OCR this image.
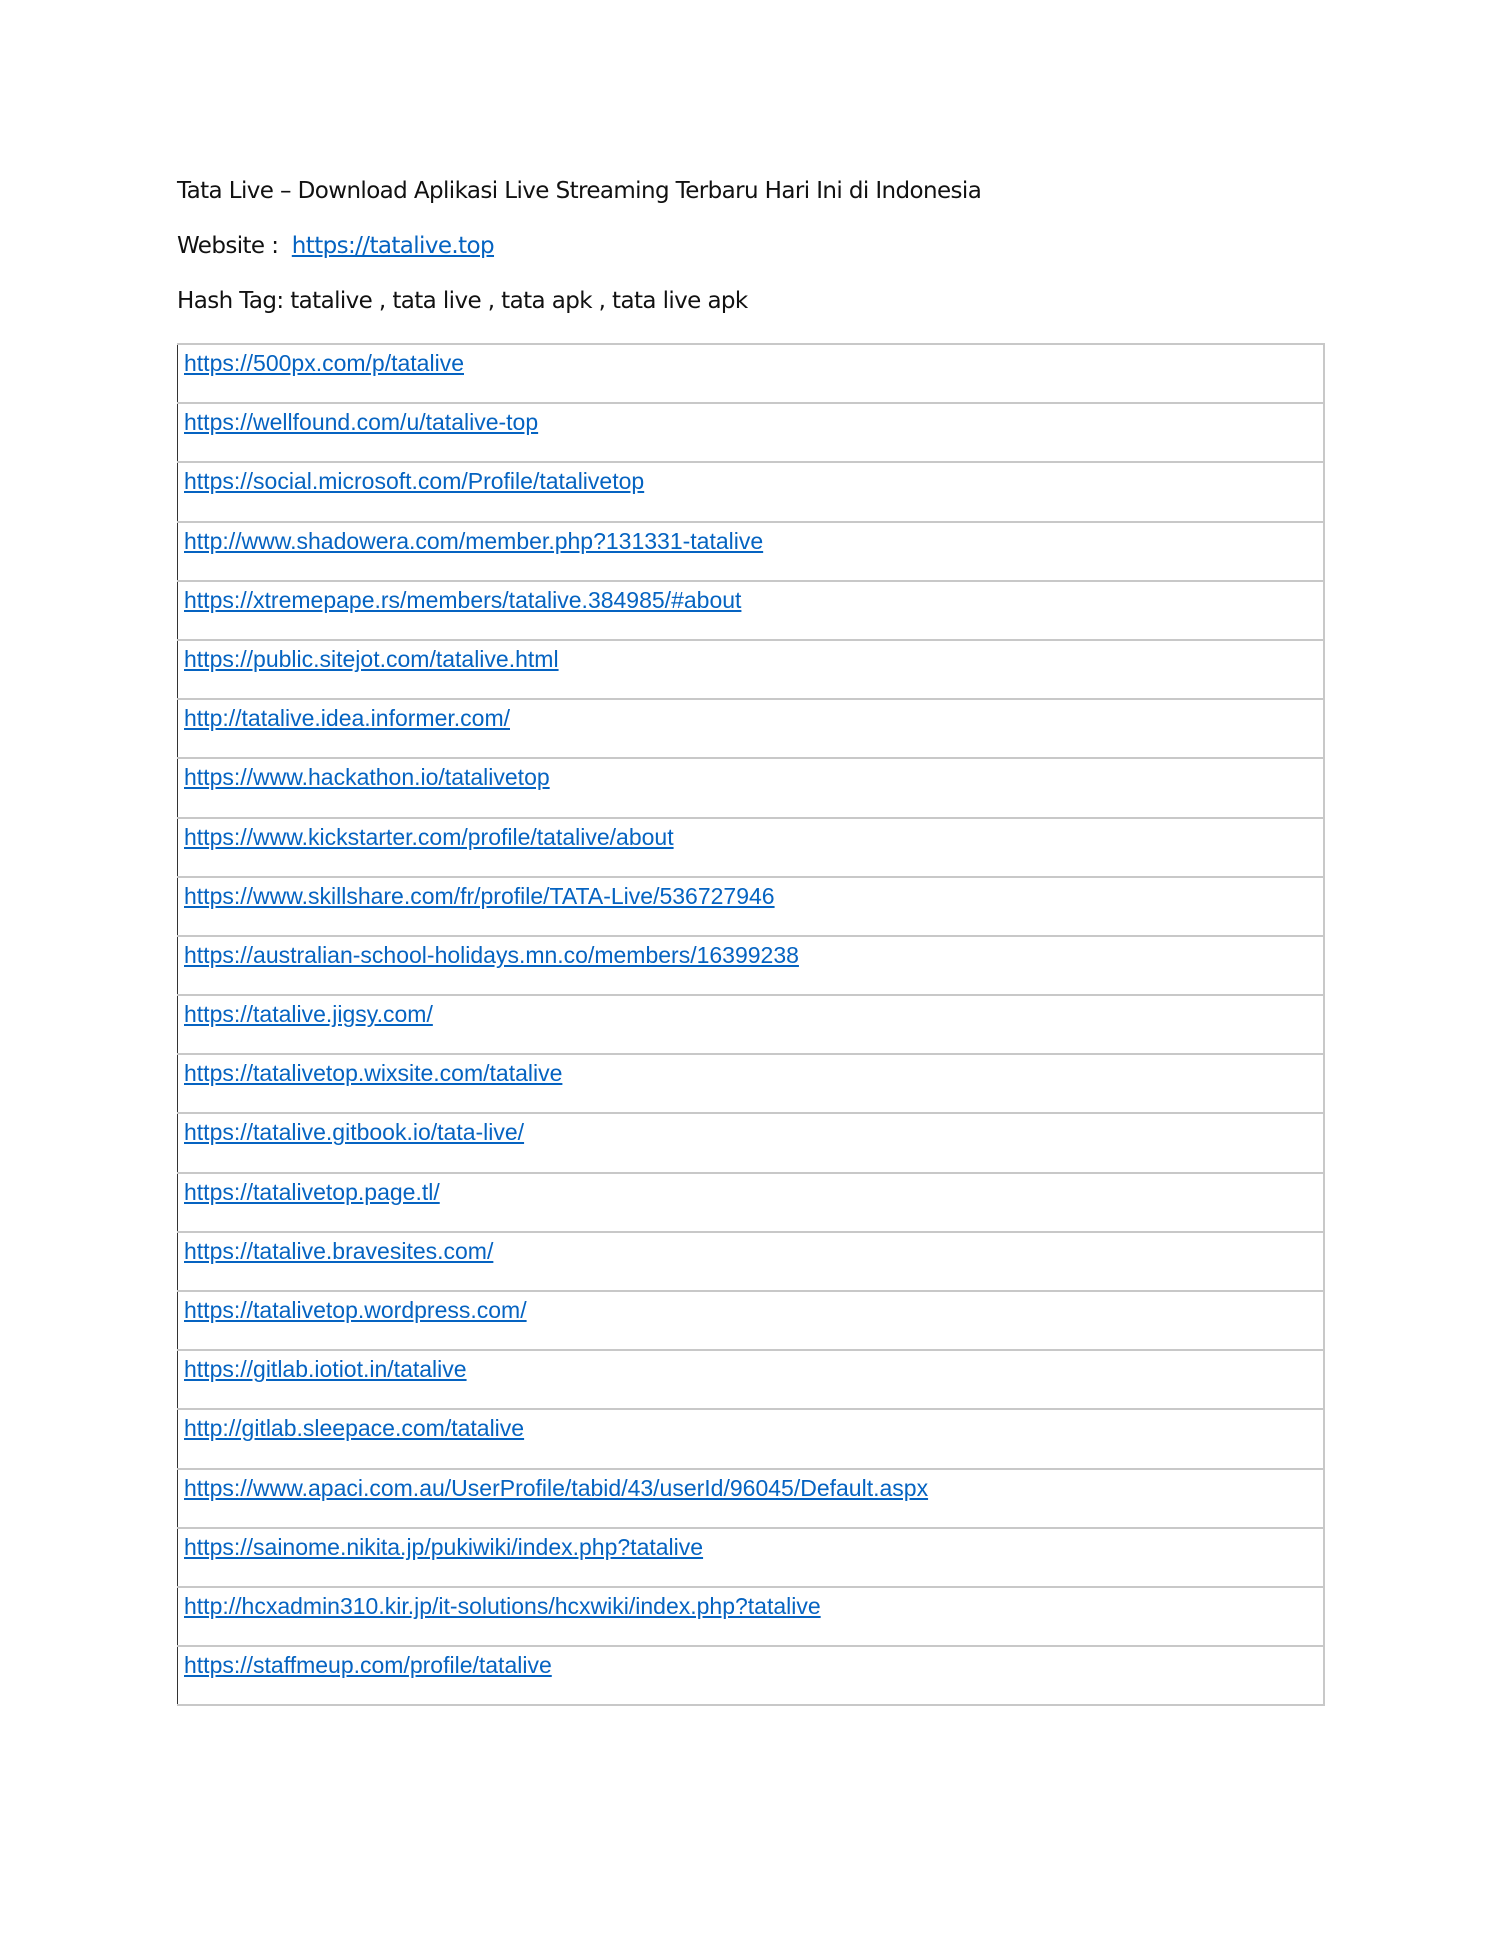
Tata Live – Download Aplikasi Live Streaming Terbaru Hari Ini di Indonesia
Website : https://tatalive.top
Hash Tag: tatalive , tata live , tata apk , tata live apk
https://500px.com/p/tatalive
https://wellfound.com/u/tatalive-top
https://social.microsoft.com/Profile/tatalivetop
http://www.shadowera.com/member.php?131331-tatalive
https://xtremepape.rs/members/tatalive.384985/#about
https://public.sitejot.com/tatalive.html
http://tatalive.idea.informer.com/
https://www.hackathon.io/tatalivetop
https://www.kickstarter.com/profile/tatalive/about
https://www.skillshare.com/fr/profile/TATA-Live/536727946
https://australian-school-holidays.mn.co/members/16399238
https://tatalive.jigsy.com/
https://tatalivetop.wixsite.com/tatalive
https://tatalive.gitbook.io/tata-live/
https://tatalivetop.page.tl/
https://tatalive.bravesites.com/
https://tatalivetop.wordpress.com/
https://gitlab.iotiot.in/tatalive
http://gitlab.sleepace.com/tatalive
https://www.apaci.com.au/UserProfile/tabid/43/userId/96045/Default.aspx
https://sainome.nikita.jp/pukiwiki/index.php?tatalive
http://hcxadmin310.kir.jp/it-solutions/hcxwiki/index.php?tatalive
https://staffmeup.com/profile/tatalive
